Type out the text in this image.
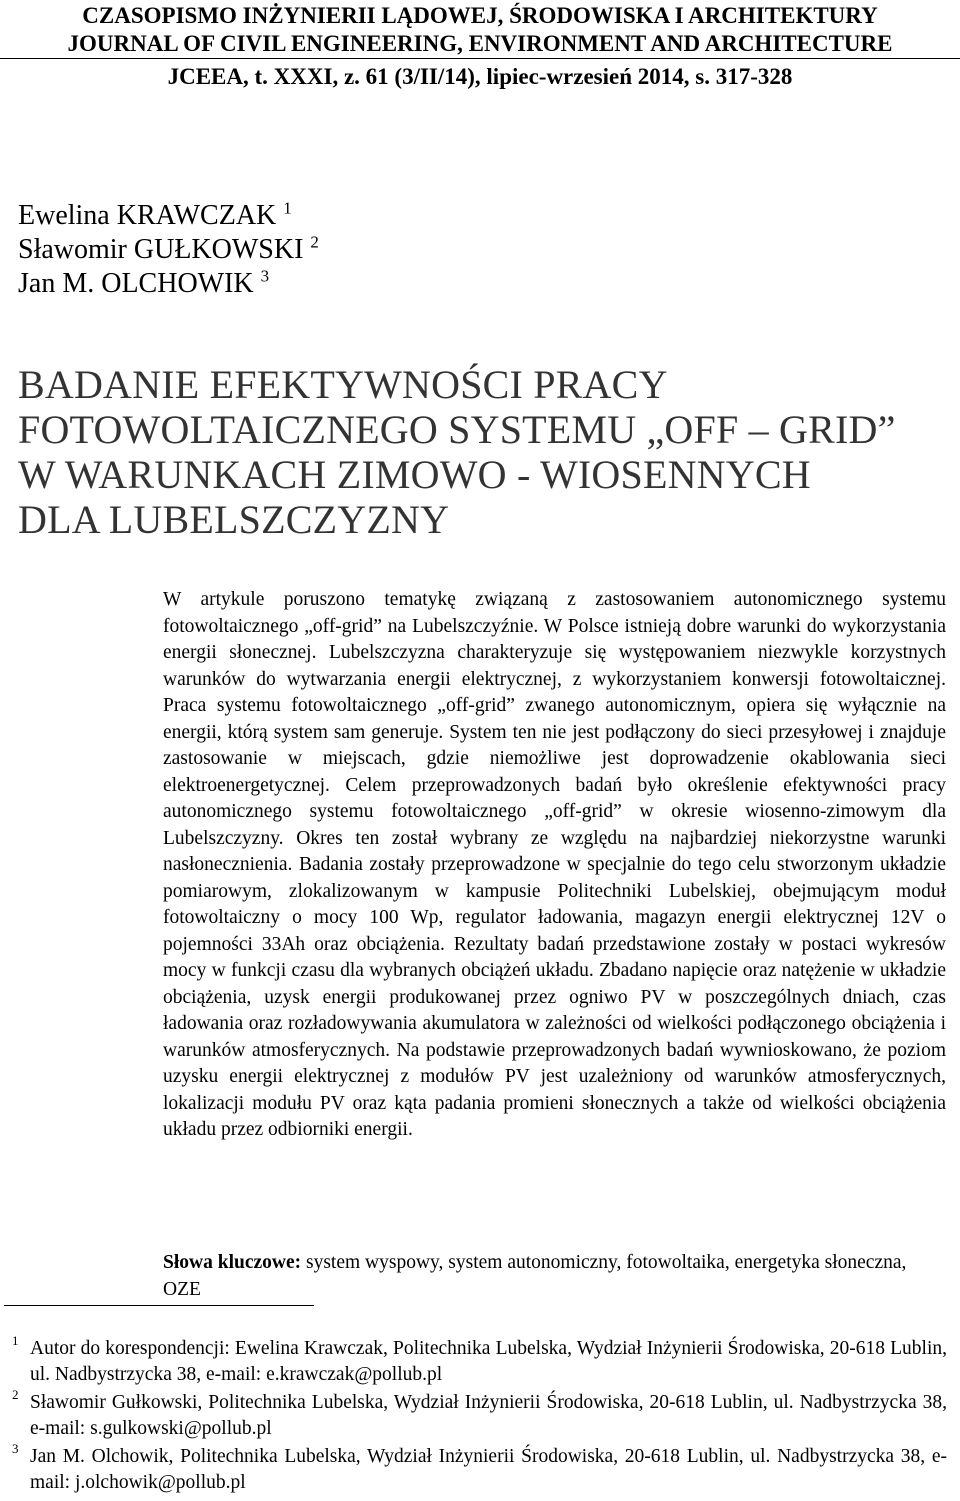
CZASOPISMO INŻYNIERII LĄDOWEJ, ŚRODOWISKA I ARCHITEKTURY

JOURNAL OF CIVIL ENGINEERING, ENVIRONMENT AND ARCHITECTURE

JCEEA, t. XXXI, z. 61 (3/II/14), lipiec-wrzesień 2014, s. 317-328
Ewelina KRAWCZAK $^1$
Sławomir GUŁKOWSKI $^2$
Jan M. OLCHOWIK $^3$
BADANIE EFEKTYWNOŚCI PRACY
FOTOWOLTAICZNEGO SYSTEMU „OFF – GRID”
W WARUNKACH ZIMOWO - WIOSENNYCH
DLA LUBELSZCZYZNY

W artykule poruszono tematykę związaną z zastosowaniem autonomicznego systemu fotowoltaicznego „off-grid” na Lubelszczyźnie. W Polsce istnieją dobre warunki do wykorzystania energii słonecznej. Lubelszczyzna charakteryzuje się występowaniem niezwykle korzystnych warunków do wytwarzania energii elektrycznej, z wykorzystaniem konwersji fotowoltaicznej. Praca systemu fotowoltaicznego „off-grid” zwanego autonomicznym, opiera się wyłącznie na energii, którą system sam generuje. System ten nie jest podłączony do sieci przesyłowej i znajduje zastosowanie w miejscach, gdzie niemożliwe jest doprowadzenie okablowania sieci elektroenergetycznej. Celem przeprowadzonych badań było określenie efektywności pracy autonomicznego systemu fotowoltaicznego „off-grid” w okresie wiosenno-zimowym dla Lubelszczyzny. Okres ten został wybrany ze względu na najbardziej niekorzystne warunki nasłonecznienia. Badania zostały przeprowadzone w specjalnie do tego celu stworzonym układzie pomiarowym, zlokalizowanym w kampusie Politechniki Lubelskiej, obejmującym moduł fotowoltaiczny o mocy 100 Wp, regulator ładowania, magazyn energii elektrycznej 12V o pojemności 33Ah oraz obciążenia. Rezultaty badań przedstawione zostały w postaci wykresów mocy w funkcji czasu dla wybranych obciążeń układu. Zbadano napięcie oraz natężenie w układzie obciążenia, uzysk energii produkowanej przez ogniwo PV w poszczególnych dniach, czas ładowania oraz rozładowywania akumulatora w zależności od wielkości podłączonego obciążenia i warunków atmosferycznych. Na podstawie przeprowadzonych badań wywnioskowano, że poziom uzysku energii elektrycznej z modułów PV jest uzależniony od warunków atmosferycznych, lokalizacji modułu PV oraz kąta padania promieni słonecznych a także od wielkości obciążenia układu przez odbiorniki energii.

Słowa kluczowe: system wyspowy, system autonomiczny, fotowoltaika, energetyka słoneczna, OZE

1 Autor do korespondencji: Ewelina Krawczak, Politechnika Lubelska, Wydział Inżynierii Środowiska, 20-618 Lublin, ul. Nadbystrzycka 38, e-mail: e.krawczak@pollub.pl

2 Sławomir Gułkowski, Politechnika Lubelska, Wydział Inżynierii Środowiska, 20-618 Lublin, ul. Nadbystrzycka 38, e-mail: s.gulkowski@pollub.pl

3 Jan M. Olchowik, Politechnika Lubelska, Wydział Inżynierii Środowiska, 20-618 Lublin, ul. Nadbystrzycka 38, e-mail: j.olchowik@pollub.pl
